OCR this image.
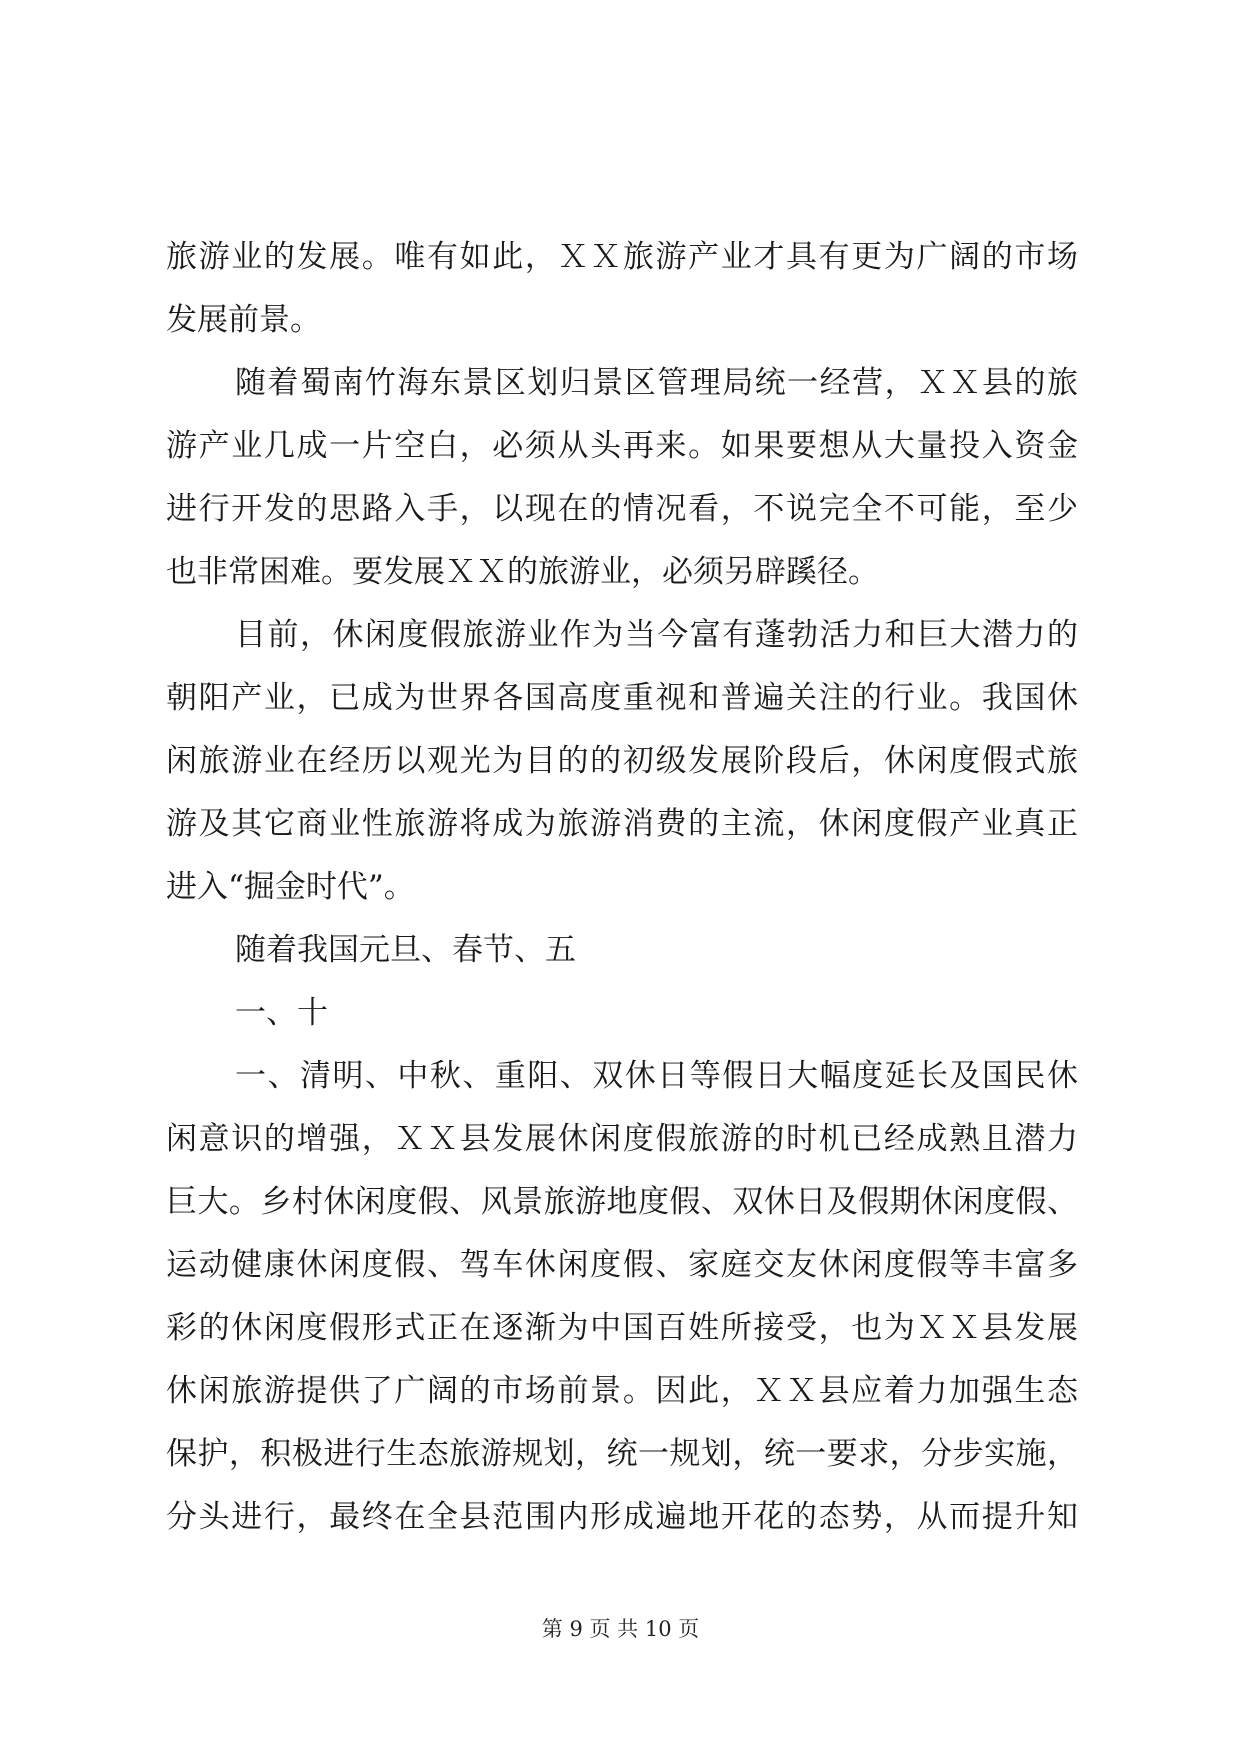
旅游业的发展。唯有如此，ＸＸ旅游产业才具有更为广阔的市场
发展前景。

随着蜀南竹海东景区划归景区管理局统一经营，ＸＸ县的旅
游产业几成一片空白，必须从头再来。如果要想从大量投入资金
进行开发的思路入手，以现在的情况看，不说完全不可能，至少
也非常困难。要发展ＸＸ的旅游业，必须另辟蹊径。

目前，休闲度假旅游业作为当今富有蓬勃活力和巨大潜力的
朝阳产业，已成为世界各国高度重视和普遍关注的行业。我国休
闲旅游业在经历以观光为目的的初级发展阶段后，休闲度假式旅
游及其它商业性旅游将成为旅游消费的主流，休闲度假产业真正
进入“掘金时代”。

随着我国元旦、春节、五

一、十

一、清明、中秋、重阳、双休日等假日大幅度延长及国民休
闲意识的增强，ＸＸ县发展休闲度假旅游的时机已经成熟且潜力
巨大。乡村休闲度假、风景旅游地度假、双休日及假期休闲度假、
运动健康休闲度假、驾车休闲度假、家庭交友休闲度假等丰富多
彩的休闲度假形式正在逐渐为中国百姓所接受，也为ＸＸ县发展
休闲旅游提供了广阔的市场前景。因此，ＸＸ县应着力加强生态
保护，积极进行生态旅游规划，统一规划，统一要求，分步实施，
分头进行，最终在全县范围内形成遍地开花的态势，从而提升知

第 9 页 共 10 页
